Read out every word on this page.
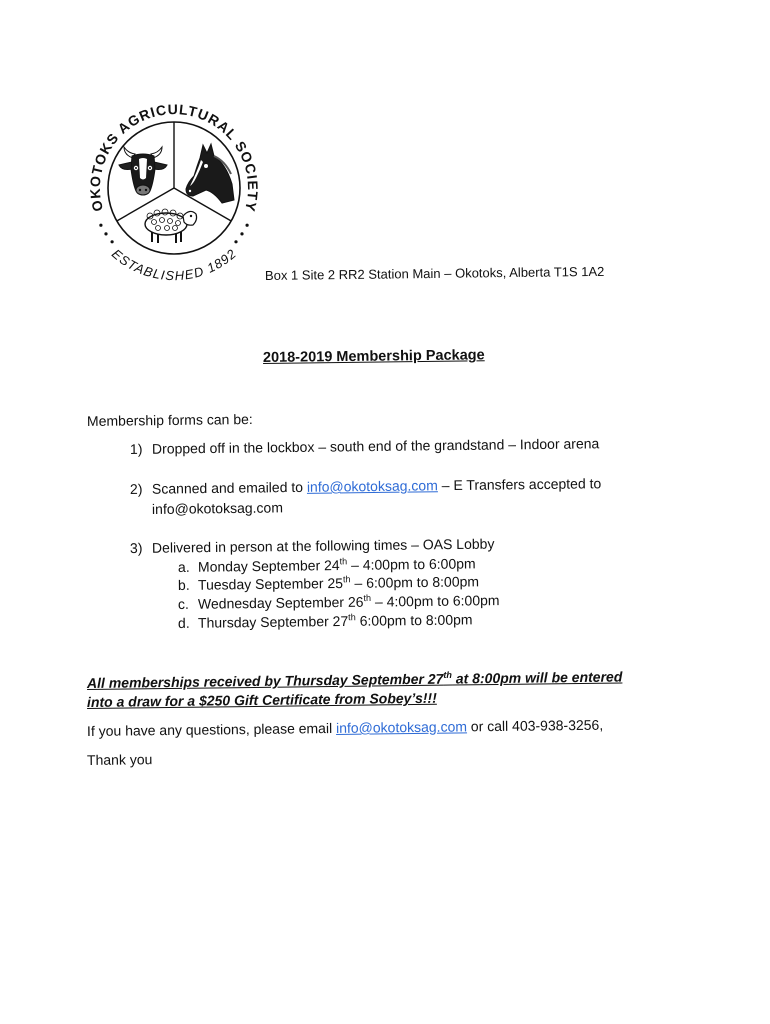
OKOTOKS AGRICULTURAL SOCIETY
ESTABLISHED 1892
Box 1 Site 2 RR2 Station Main – Okotoks, Alberta T1S 1A2
2018-2019 Membership Package
Membership forms can be:
1) Dropped off in the lockbox – south end of the grandstand – Indoor arena
2) Scanned and emailed to info@okotoksag.com – E Transfers accepted to
info@okotoksag.com
3) Delivered in person at the following times – OAS Lobby
a. Monday September 24th – 4:00pm to 6:00pm
b. Tuesday September 25th – 6:00pm to 8:00pm
c. Wednesday September 26th – 4:00pm to 6:00pm
d. Thursday September 27th 6:00pm to 8:00pm
All memberships received by Thursday September 27th at 8:00pm will be entered
into a draw for a $250 Gift Certificate from Sobey’s!!!
If you have any questions, please email info@okotoksag.com or call 403-938-3256,
Thank you
